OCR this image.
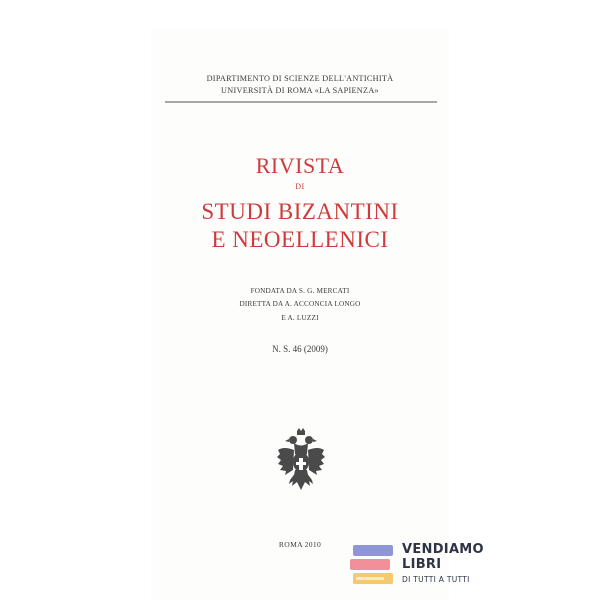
DIPARTIMENTO DI SCIENZE DELL'ANTICHITÀ
UNIVERSITÀ DI ROMA «LA SAPIENZA»
RIVISTA
DI
STUDI BIZANTINI
E NEOELLENICI
FONDATA DA S. G. MERCATI
DIRETTA DA A. ACCONCIA LONGO
E A. LUZZI
N. S. 46 (2009)
ROMA 2010	VENDIAMO
LIBRI
DI TUTTI A TUTTI
